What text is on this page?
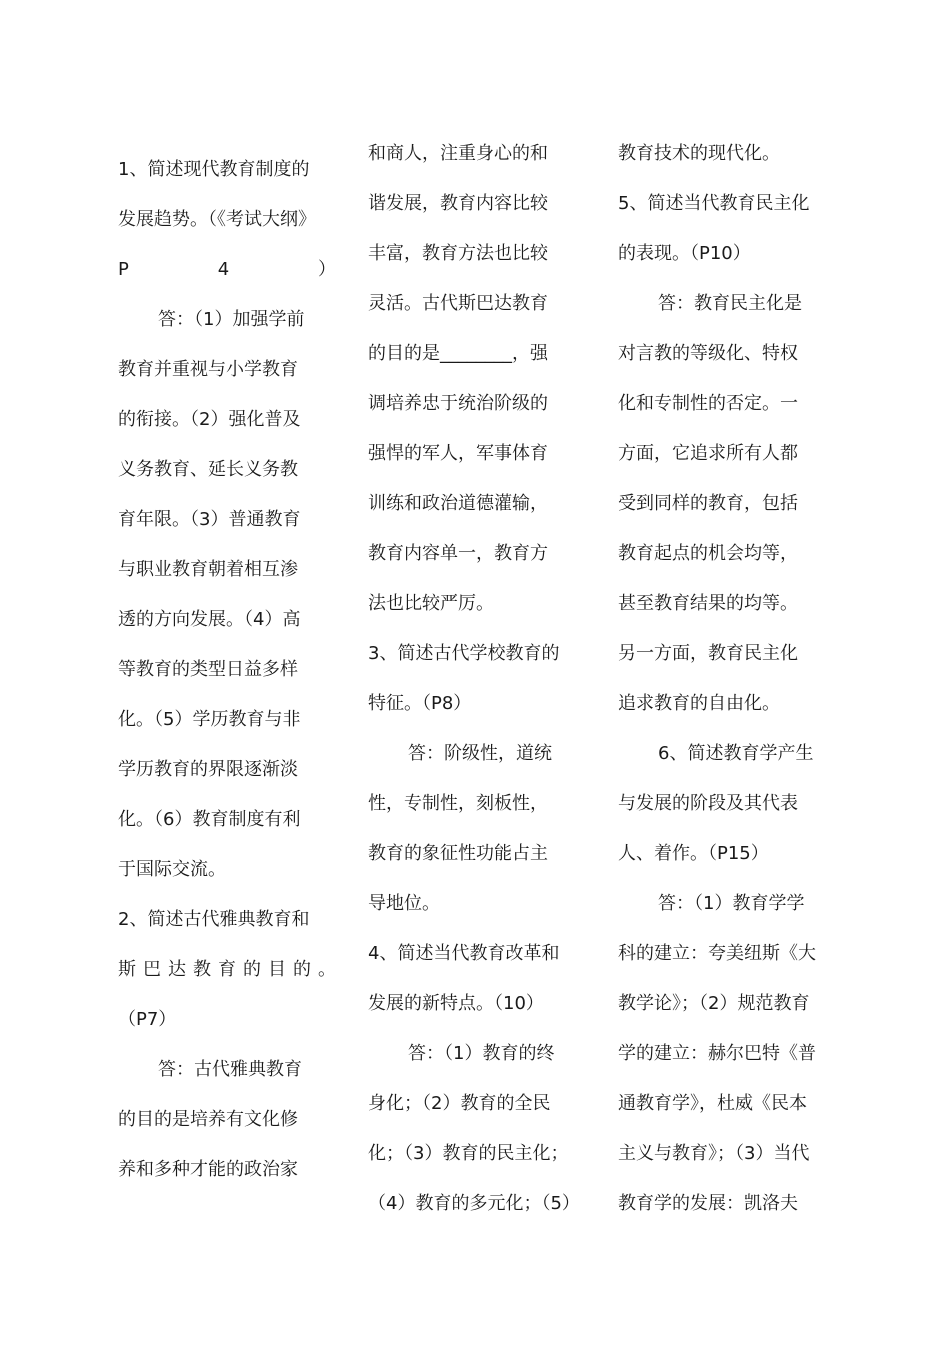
1、简述现代教育制度的
发展趋势。（《考试大纲》
P	4	）
答：（1）加强学前
教育并重视与小学教育
的衔接。（2）强化普及
义务教育、延长义务教
育年限。（3）普通教育
与职业教育朝着相互渗
透的方向发展。（4）高
等教育的类型日益多样
化。（5）学历教育与非
学历教育的界限逐渐淡
化。（6）教育制度有利
于国际交流。
2、简述古代雅典教育和
斯 巴 达 教 育 的 目 的 。
（P7）
答：古代雅典教育
的目的是培养有文化修
养和多种才能的政治家
和商人，注重身心的和
谐发展，教育内容比较
丰富，教育方法也比较
灵活。古代斯巴达教育
的目的是________，强
调培养忠于统治阶级的
强悍的军人，军事体育
训练和政治道德灌输，
教育内容单一，教育方
法也比较严厉。
3、简述古代学校教育的
特征。（P8）
答：阶级性，道统
性，专制性，刻板性，
教育的象征性功能占主
导地位。
4、简述当代教育改革和
发展的新特点。（10）
答：（1）教育的终
身化；（2）教育的全民
化；（3）教育的民主化；
（4）教育的多元化；（5）
教育技术的现代化。
5、简述当代教育民主化
的表现。（P10）
答：教育民主化是
对言教的等级化、特权
化和专制性的否定。一
方面，它追求所有人都
受到同样的教育，包括
教育起点的机会均等，
甚至教育结果的均等。
另一方面，教育民主化
追求教育的自由化。
6、简述教育学产生
与发展的阶段及其代表
人、着作。（P15）
答：（1）教育学学
科的建立：夸美纽斯《大
教学论》；（2）规范教育
学的建立：赫尔巴特《普
通教育学》，杜威《民本
主义与教育》；（3）当代
教育学的发展：凯洛夫
